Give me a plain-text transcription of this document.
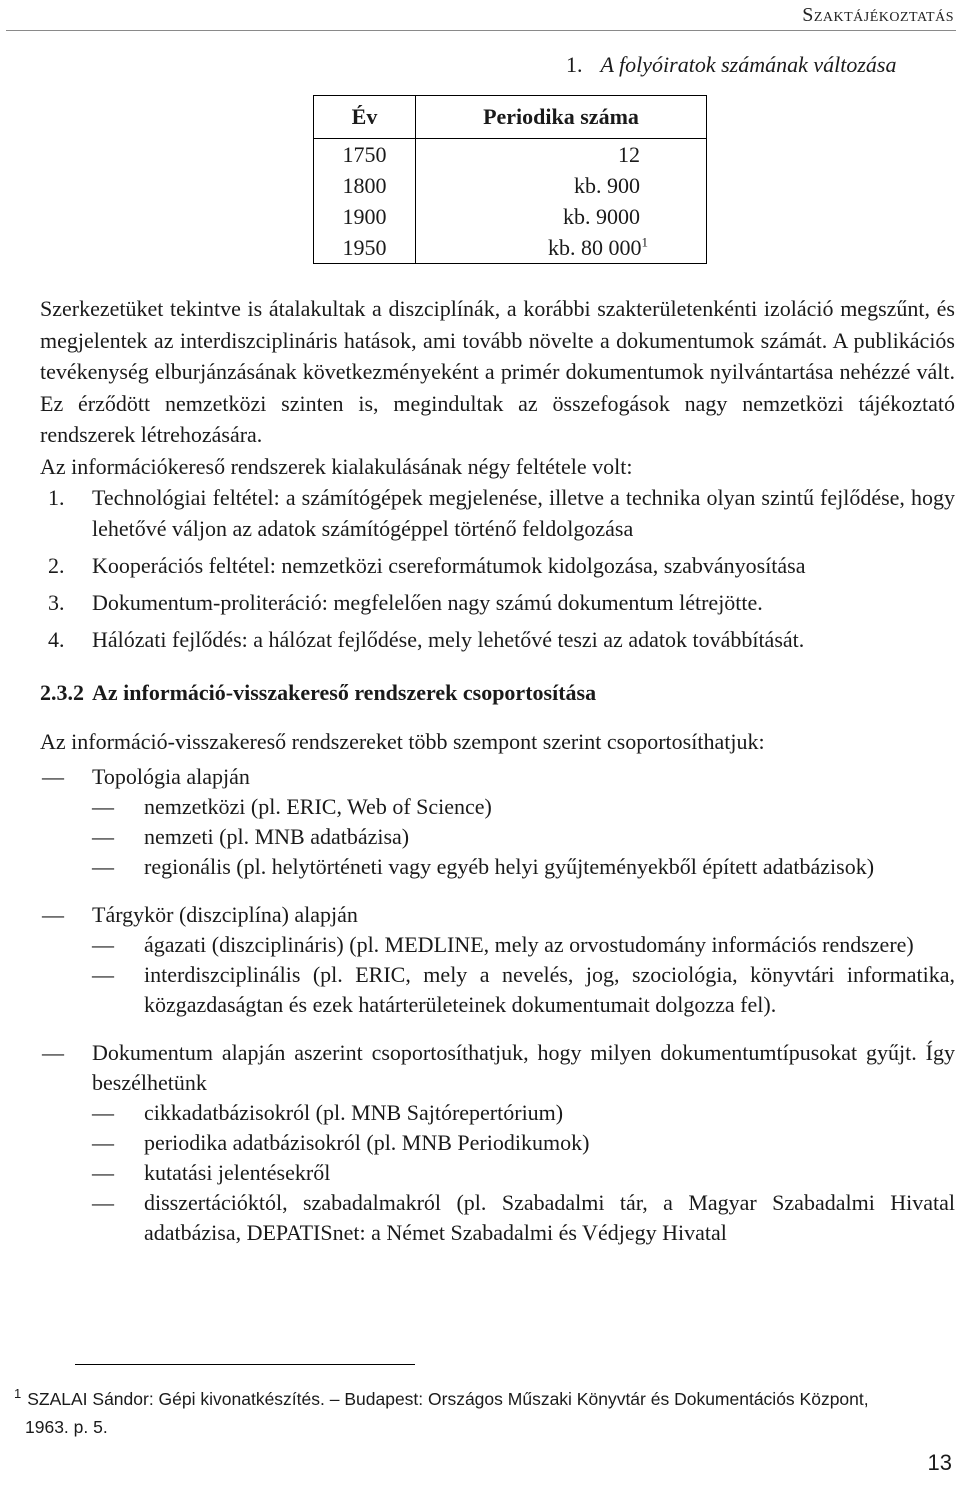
Szaktájékoztatás
1. A folyóiratok számának változása
Év	Periodika száma
1750	12
1800	kb. 900
1900	kb. 9000
1950	kb. 80 $000^1$

Szerkezetüket tekintve is átalakultak a diszciplínák, a korábbi szakterületenkénti izoláció megszűnt, és megjelentek az interdiszciplináris hatások, ami tovább növelte a dokumentumok számát. A publikációs tevékenység elburjánzásának következményeként a primér dokumentumok nyilvántartása nehézzé vált. Ez érződött nemzetközi szinten is, megindultak az összefogások nagy nemzetközi tájékoztató rendszerek létrehozására.

Az információkereső rendszerek kialakulásának négy feltétele volt:

1. Technológiai feltétel: a számítógépek megjelenése, illetve a technika olyan szintű fejlődése, hogy lehetővé váljon az adatok számítógéppel történő feldolgozása
2. Kooperációs feltétel: nemzetközi csereformátumok kidolgozása, szabványosítása
3. Dokumentum-proliteráció: megfelelően nagy számú dokumentum létrejötte.
4. Hálózati fejlődés: a hálózat fejlődése, mely lehetővé teszi az adatok továbbítását.
2.3.2 Az információ-visszakereső rendszerek csoportosítása

Az információ-visszakereső rendszereket több szempont szerint csoportosíthatjuk:

— Topológia alapján
— nemzetközi (pl. ERIC, Web of Science)
— nemzeti (pl. MNB adatbázisa)
— regionális (pl. helytörténeti vagy egyéb helyi gyűjteményekből épített adatbázisok)
— Tárgykör (diszciplína) alapján
— ágazati (diszciplináris) (pl. MEDLINE, mely az orvostudomány információs rendszere)
— interdiszciplinális (pl. ERIC, mely a nevelés, jog, szociológia, könyvtári informatika, közgazdaságtan és ezek határterületeinek dokumentumait dolgozza fel).
— Dokumentum alapján aszerint csoportosíthatjuk, hogy milyen dokumentumtípusokat gyűjt. Így beszélhetünk
— cikkadatbázisokról (pl. MNB Sajtórepertórium)
— periodika adatbázisokról (pl. MNB Periodikumok)
— kutatási jelentésekről
— disszertációktól, szabadalmakról (pl. Szabadalmi tár, a Magyar Szabadalmi Hivatal adatbázisa, DEPATISnet: a Német Szabadalmi és Védjegy Hivatal

$^1$ SZALAI Sándor: Gépi kivonatkészítés. – Budapest: Országos Műszaki Könyvtár és Dokumentációs Központ,
1963. p. 5.

13
